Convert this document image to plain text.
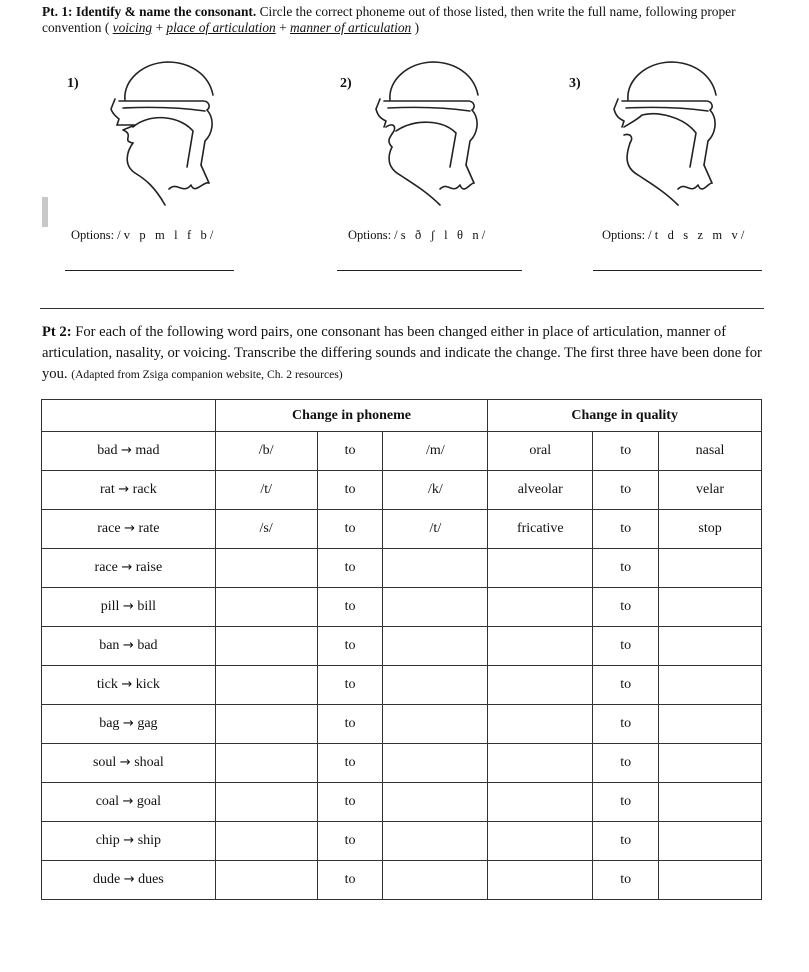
Pt. 1: Identify & name the consonant. Circle the correct phoneme out of those listed, then write the full name, following proper convention ( voicing + place of articulation + manner of articulation )
1)
Options: / v   p   m   l   f   b /
2)
Options: / s   ð   ʃ   l   θ   n /
3)
Options: / t   d   s   z   m   v /
Pt 2: For each of the following word pairs, one consonant has been changed either in place of articulation, manner of articulation, nasality, or voicing. Transcribe the differing sounds and indicate the change. The first three have been done for you. (Adapted from Zsiga companion website, Ch. 2 resources)
	Change in phoneme			Change in quality		
bad → mad	/b/	to	/m/	oral	to	nasal
rat → rack	/t/	to	/k/	alveolar	to	velar
race → rate	/s/	to	/t/	fricative	to	stop
race → raise		to			to	
pill → bill		to			to	
ban → bad		to			to	
tick → kick		to			to	
bag → gag		to			to	
soul → shoal		to			to	
coal → goal		to			to	
chip → ship		to			to	
dude → dues		to			to	
